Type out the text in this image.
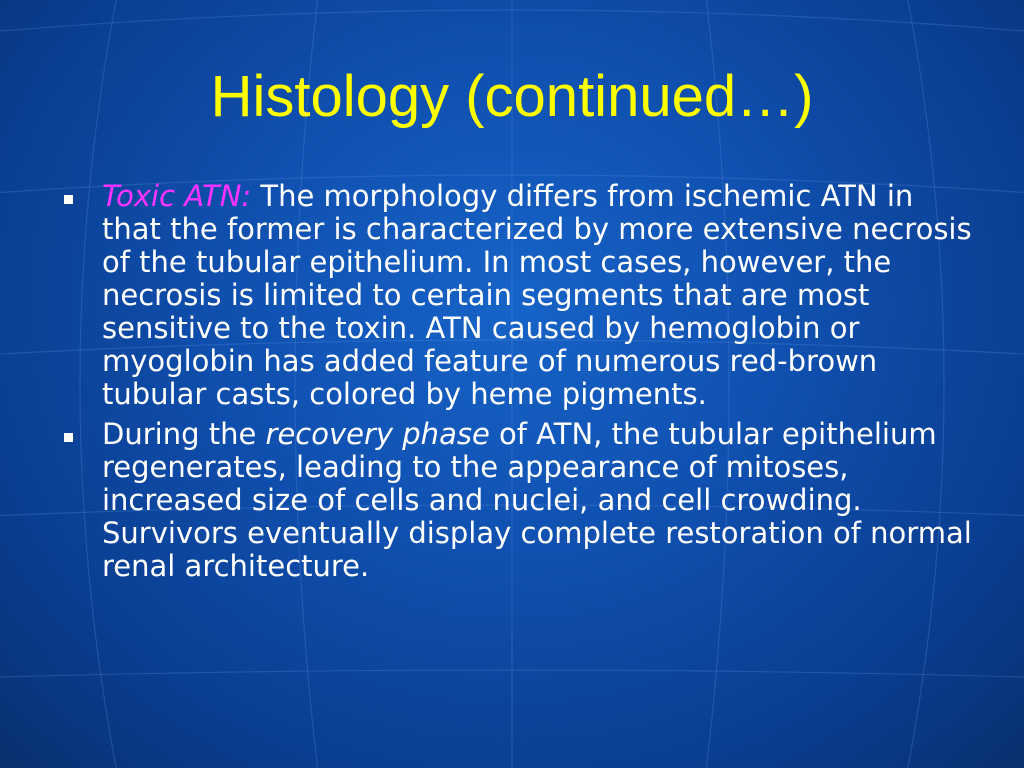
Histology (continued…)
Toxic ATN: The morphology differs from ischemic ATN in that the former is characterized by more extensive necrosis of the tubular epithelium. In most cases, however, the necrosis is limited to certain segments that are most sensitive to the toxin. ATN caused by hemoglobin or myoglobin has added feature of numerous red-brown tubular casts, colored by heme pigments.
During the recovery phase of ATN, the tubular epithelium regenerates, leading to the appearance of mitoses, increased size of cells and nuclei, and cell crowding. Survivors eventually display complete restoration of normal renal architecture.
